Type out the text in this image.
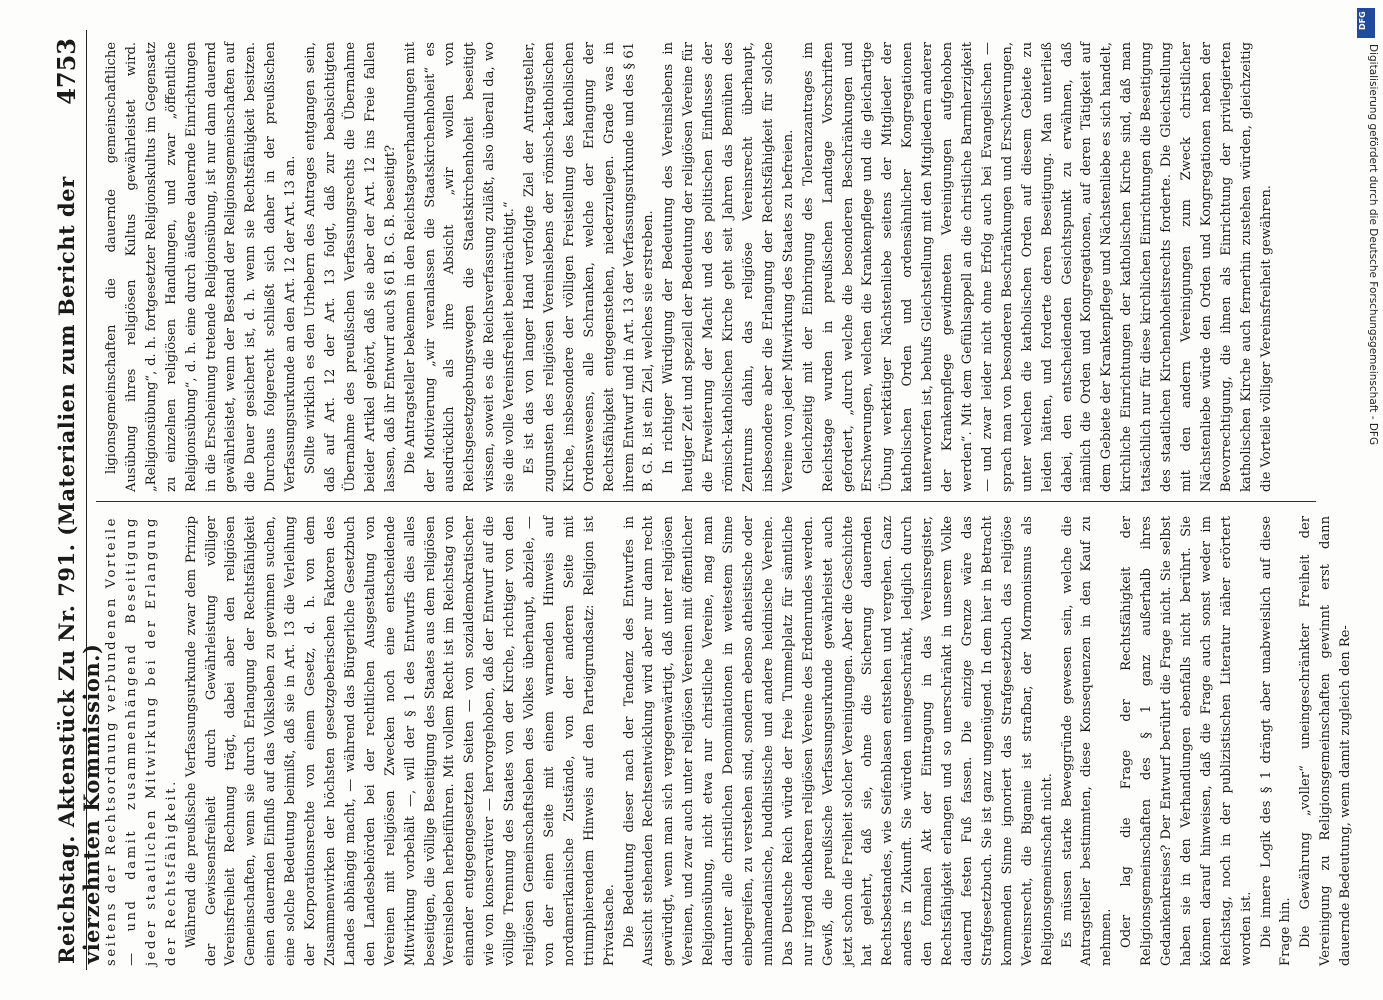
Reichstag. Aktenstück Zu Nr. 791. (Materialien zum Bericht der vierzehnten Kommission.)
4753

seitens der Rechtsordnung verbundenen Vorteile — und damit zusammenhängend Beseitigung jeder staatlichen Mitwirkung bei der Erlangung der Rechtsfähigkeit. Während die preußische Verfassungsurkunde zwar dem Prinzip der Gewissensfreiheit durch Gewährleistung völliger Vereinsfreiheit Rechnung trägt, dabei aber den religiösen Gemeinschaften, wenn sie durch Erlangung der Rechtsfähigkeit einen dauernden Einfluß auf das Volksleben zu gewinnen suchen, eine solche Bedeutung beimißt, daß sie in Art. 13 die Verleihung der Korporationsrechte von einem Gesetz, d. h. von dem Zusammenwirken der höchsten gesetzgeberischen Faktoren des Landes abhängig macht, — während das Bürgerliche Gesetzbuch den Landesbehörden bei der rechtlichen Ausgestaltung von Vereinen mit religiösen Zwecken noch eine entscheidende Mitwirkung vorbehält —, will der § 1 des Entwurfs dies alles beseitigen, die völlige Beseitigung des Staates aus dem religiösen Vereinsleben herbeiführen. Mit vollem Recht ist im Reichstag von einander entgegengesetzten Seiten — von sozialdemokratischer wie von konservativer — hervorgehoben, daß der Entwurf auf die völlige Trennung des Staates von der Kirche, richtiger von den religiösen Gemeinschaftsleben des Volkes überhaupt, abziele, — von der einen Seite mit einem warnenden Hinweis auf nordamerikanische Zustände, von der anderen Seite mit triumphierendem Hinweis auf den Parteigrundsatz: Religion ist Privatsache. Die Bedeutung dieser nach der Tendenz des Entwurfes in Aussicht stehenden Rechtsentwicklung wird aber nur dann recht gewürdigt, wenn man sich vergegenwärtigt, daß unter religiösen Vereinen, und zwar auch unter religiösen Vereinen mit öffentlicher Religionsübung, nicht etwa nur christliche Vereine, mag man darunter alle christlichen Denominationen in weitestem Sinne einbegreifen, zu verstehen sind, sondern ebenso atheistische oder muhamedanische, buddhistische und andere heidnische Vereine. Das Deutsche Reich würde der freie Tummelplatz für sämtliche nur irgend denkbaren religiösen Vereine des Erdenrundes werden. Gewiß, die preußische Verfassungsurkunde gewährleistet auch jetzt schon die Freiheit solcher Vereinigungen. Aber die Geschichte hat gelehrt, daß sie, ohne die Sicherung dauernden Rechtsbestandes, wie Seifenblasen entstehen und vergehen. Ganz anders in Zukunft. Sie würden uneingeschränkt, lediglich durch den formalen Akt der Eintragung in das Vereinsregister, Rechtsfähigkeit erlangen und so unerschränkt in unserem Volke dauernd festen Fuß fassen. Die einzige Grenze wäre das Strafgesetzbuch. Sie ist ganz ungenügend. In dem hier in Betracht kommenden Sinne ignoriert das Strafgesetzbuch das religiöse Vereinsrecht, die Bigamie ist strafbar, der Mormonismus als Religionsgemeinschaft nicht. Es müssen starke Beweggründe gewesen sein, welche die Antragsteller bestimmten, diese Konsequenzen in den Kauf zu nehmen. Oder lag die Frage der Rechtsfähigkeit der Religionsgemeinschaften des § 1 ganz außerhalb ihres Gedankenkreises? Der Entwurf berührt die Frage nicht. Sie selbst haben sie in den Verhandlungen ebenfalls nicht berührt. Sie können darauf hinweisen, daß die Frage auch sonst weder im Reichstag, noch in der publizistischen Literatur näher erörtert worden ist. Die innere Logik des § 1 drängt aber unabweislich auf diese Frage hin. Die Gewährung „voller“ uneingeschränkter Freiheit der Vereinigung zu Religionsgemeinschaften gewinnt erst dann dauernde Bedeutung, wenn damit zugleich den Re-

ligionsgemeinschaften die dauernde gemeinschaftliche Ausübung ihres religiösen Kultus gewährleistet wird. „Religionsübung“, d. h. fortgesetzter Religionskultus im Gegensatz zu einzelnen religiösen Handlungen, und zwar „öffentliche Religionsübung“, d. h. eine durch äußere dauernde Einrichtungen in die Erscheinung tretende Religionsübung, ist nur dann dauernd gewährleistet, wenn der Bestand der Religionsgemeinschaften auf die Dauer gesichert ist, d. h. wenn sie Rechtsfähigkeit besitzen. Durchaus folgerecht schließt sich daher in der preußischen Verfassungsurkunde an den Art. 12 der Art. 13 an. Sollte wirklich es den Urhebern des Antrages entgangen sein, daß auf Art. 12 der Art. 13 folgt, daß zur beabsichtigten Übernahme des preußischen Verfassungsrechts die Übernahme beider Artikel gehört, daß sie aber der Art. 12 ins Freie fallen lassen, daß ihr Entwurf auch § 61 B. G. B. beseitigt? Die Antragsteller bekennen in den Reichstagsverhandlungen mit der Motivierung „wir veranlassen die Staatskirchenhoheit“ es ausdrücklich als ihre Absicht „wir wollen von Reichsgesetzgebungswegen die Staatskirchenhoheit beseitigt wissen, soweit es die Reichsverfassung zuläßt, also überall da, wo sie die volle Vereinsfreiheit beeinträchtigt.“ Es ist das von langer Hand verfolgte Ziel der Antragsteller, zugunsten des religiösen Vereinslebens der römisch-katholischen Kirche, insbesondere der völligen Freistellung des katholischen Ordenswesens, alle Schranken, welche der Erlangung der Rechtsfähigkeit entgegenstehen, niederzulegen. Grade was in ihrem Entwurf und in Art. 13 der Verfassungsurkunde und des § 61 B. G. B. ist ein Ziel, welches sie erstreben. In richtiger Würdigung der Bedeutung des Vereinslebens in heutiger Zeit und speziell der Bedeutung der religiösen Vereine für die Erweiterung der Macht und des politischen Einflusses der römisch-katholischen Kirche geht seit Jahren das Bemühen des Zentrums dahin, das religiöse Vereinsrecht überhaupt, insbesondere aber die Erlangung der Rechtsfähigkeit für solche Vereine von jeder Mitwirkung des Staates zu befreien. Gleichzeitig mit der Einbringung des Toleranzantrages im Reichstage wurden in preußischen Landtage Vorschriften gefordert, „durch welche die besonderen Beschränkungen und Erschwerungen, welchen die Krankenpflege und die gleichartige Übung werktätiger Nächstenliebe seitens der Mitglieder der katholischen Orden und ordensähnlicher Kongregationen unterworfen ist, behufs Gleichstellung mit den Mitgliedern anderer der Krankenpflege gewidmeten Vereinigungen aufgehoben werden“. Mit dem Gefühlsappell an die christliche Barmherzigkeit — und zwar leider nicht ohne Erfolg auch bei Evangelischen — sprach man von besonderen Beschränkungen und Erschwerungen, unter welchen die katholischen Orden auf diesem Gebiete zu leiden hätten, und forderte deren Beseitigung. Man unterließ dabei, den entscheidenden Gesichtspunkt zu erwähnen, daß nämlich die Orden und Kongregationen, auf deren Tätigkeit auf dem Gebiete der Krankenpflege und Nächstenliebe es sich handelt, kirchliche Einrichtungen der katholischen Kirche sind, daß man tatsächlich nur für diese kirchlichen Einrichtungen die Beseitigung des staatlichen Kirchenhoheitsrechts forderte. Die Gleichstellung mit den andern Vereinigungen zum Zweck christlicher Nächstenliebe würde den Orden und Kongregationen neben der Bevorrechtigung, die ihnen als Einrichtung der privilegierten katholischen Kirche auch fernerhin zustehen würden, gleichzeitig die Vorteile völliger Vereinsfreiheit gewähren.

DFG
Digitalisierung gefördert durch die Deutsche Forschungsgemeinschaft - DFG
